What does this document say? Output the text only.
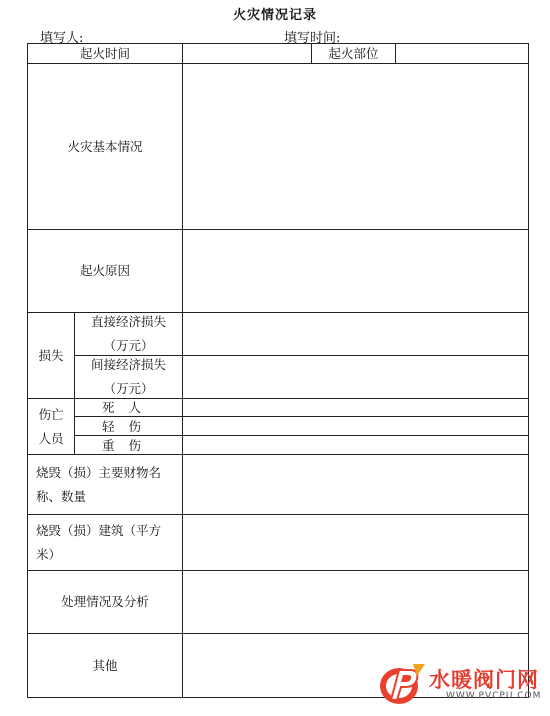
火灾情况记录
填写人:	填写时间:
起火时间	起火部位
火灾基本情况
起火原因
损失
直接经济损失（万元）
间接经济损失（万元）
伤亡人员
死人
轻伤
重伤
烧毁（损）主要财物名称、数量
烧毁（损）建筑（平方米）
处理情况及分析
其他
水暖阀门网
WWW.PVCPU.COM
